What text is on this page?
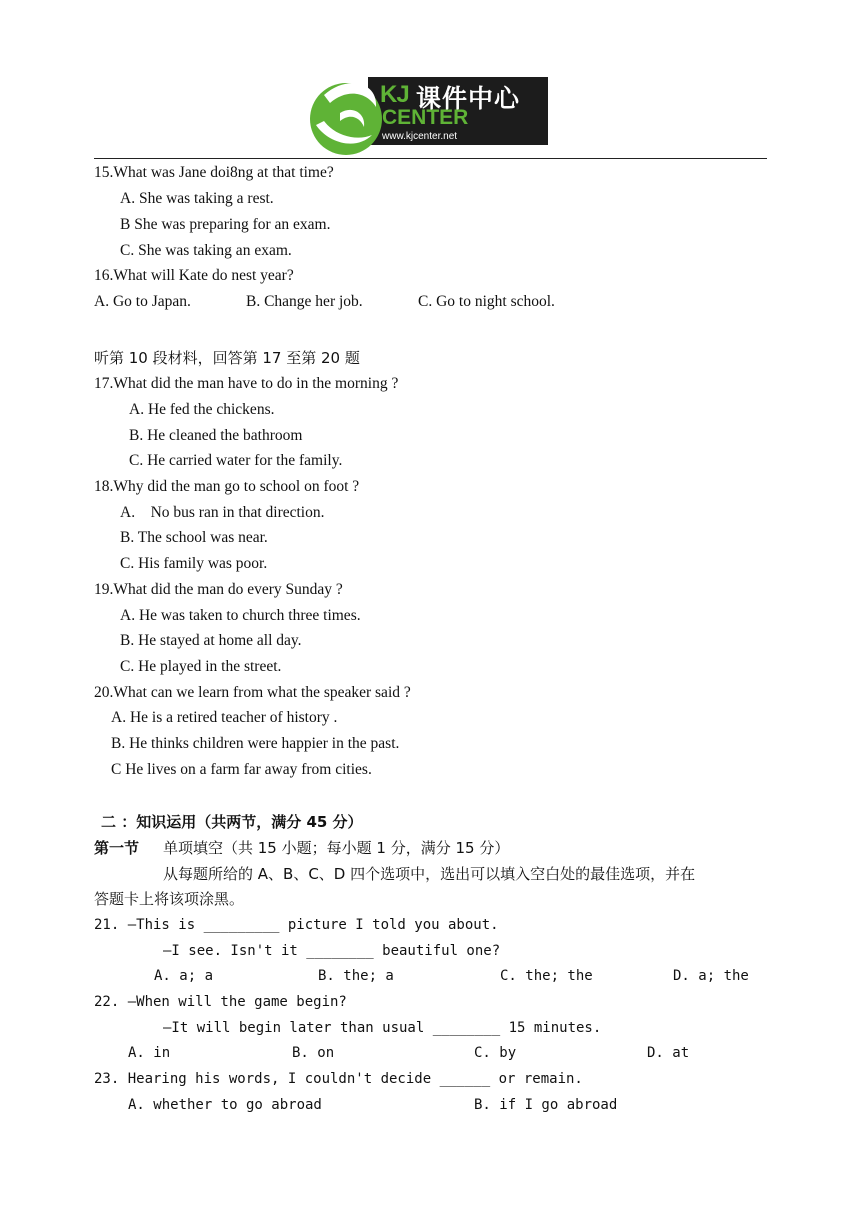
KJ 课件中心
CENTER
www.kjcenter.net
15.What was Jane doi8ng at that time?
A. She was taking a rest.
B She was preparing for an exam.
C. She was taking an exam.
16.What will Kate do nest year?
A. Go to Japan.	B. Change her job.	C. Go to night school.
听第 10 段材料，回答第 17 至第 20 题
17.What did the man have to do in the morning ?
A. He fed the chickens.
B. He cleaned the bathroom
C. He carried water for the family.
18.Why did the man go to school on foot ?
A.    No bus ran in that direction.
B. The school was near.
C. His family was poor.
19.What did the man do every Sunday ?
A. He was taken to church three times.
B. He stayed at home all day.
C. He played in the street.
20.What can we learn from what the speaker said ?
A. He is a retired teacher of history .
B. He thinks children were happier in the past.
C He lives on a farm far away from cities.
二 ：知识运用（共两节，满分 45 分）
第一节 单项填空（共 15 小题；每小题 1 分，满分 15 分）
从每题所给的 A、B、C、D 四个选项中，选出可以填入空白处的最佳选项，并在
答题卡上将该项涂黑。
21. —This is _________ picture I told you about.
—I see. Isn't it ________ beautiful one?
A. a; a	B. the; a	C. the; the	D. a; the
22. —When will the game begin?
—It will begin later than usual ________ 15 minutes.
A. in	B. on	C. by	D. at
23. Hearing his words, I couldn't decide ______ or remain.
A. whether to go abroad	B. if I go abroad
